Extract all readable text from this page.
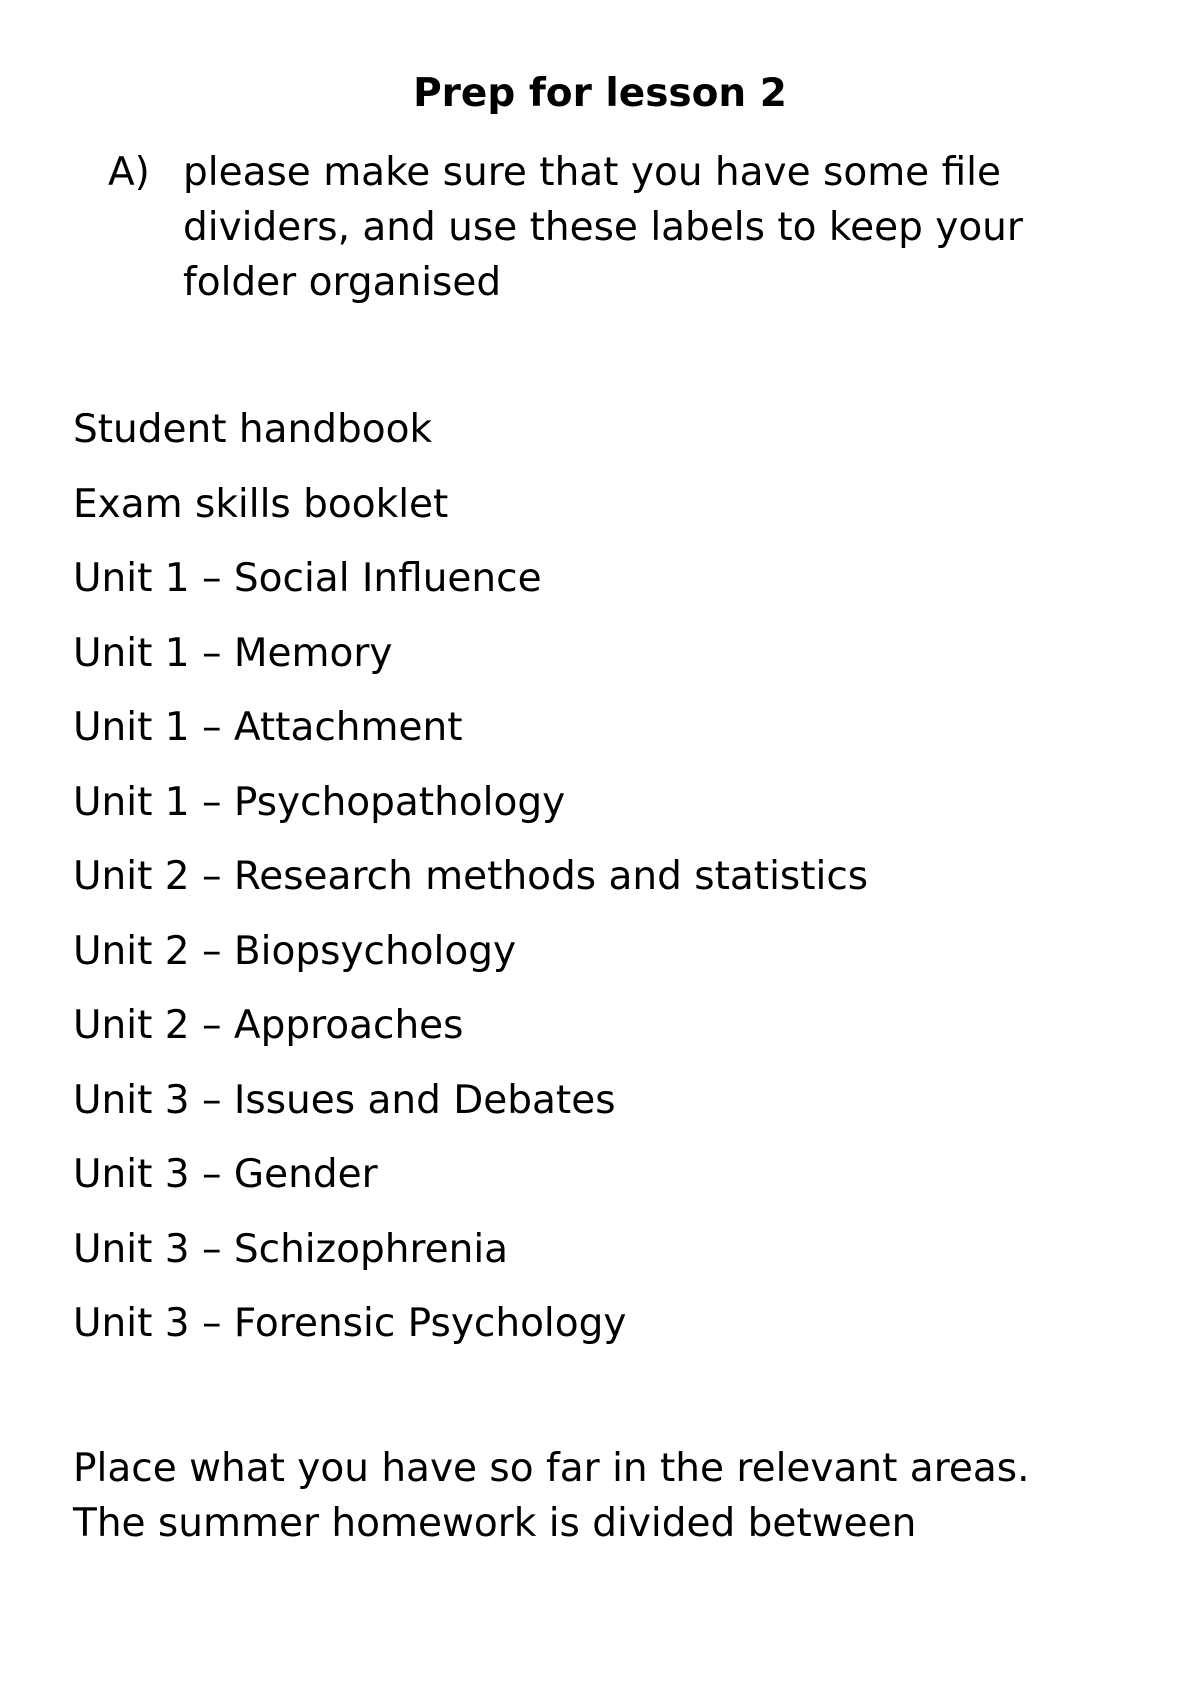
Prep for lesson 2
A) please make sure that you have some file dividers, and use these labels to keep your folder organised
Student handbook
Exam skills booklet
Unit 1 – Social Influence
Unit 1 – Memory
Unit 1 – Attachment
Unit 1 – Psychopathology
Unit 2 – Research methods and statistics
Unit 2 – Biopsychology
Unit 2 – Approaches
Unit 3 – Issues and Debates
Unit 3 – Gender
Unit 3 – Schizophrenia
Unit 3 – Forensic Psychology

Place what you have so far in the relevant areas.

The summer homework is divided between
